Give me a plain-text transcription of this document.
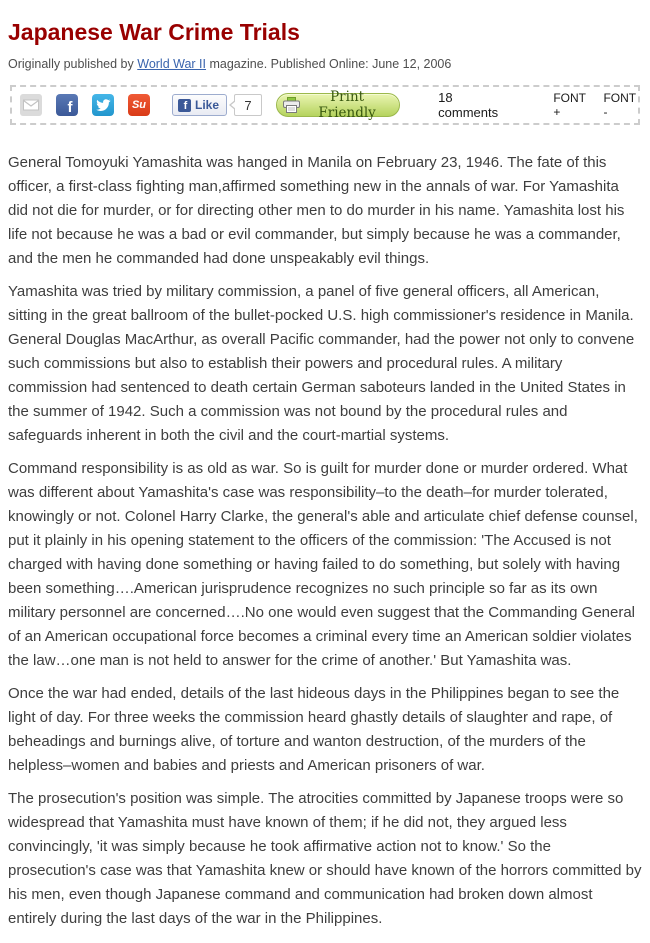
Japanese War Crime Trials

Originally published by World War II magazine. Published Online: June 12, 2006

f	Su	f Like	7	Print Friendly
18 comments
FONT +
FONT -

General Tomoyuki Yamashita was hanged in Manila on February 23, 1946. The fate of this officer, a first-class fighting man,affirmed something new in the annals of war. For Yamashita did not die for murder, or for directing other men to do murder in his name. Yamashita lost his life not because he was a bad or evil commander, but simply because he was a commander, and the men he commanded had done unspeakably evil things.

Yamashita was tried by military commission, a panel of five general officers, all American, sitting in the great ballroom of the bullet-pocked U.S. high commissioner's residence in Manila. General Douglas MacArthur, as overall Pacific commander, had the power not only to convene such commissions but also to establish their powers and procedural rules. A military commission had sentenced to death certain German saboteurs landed in the United States in the summer of 1942. Such a commission was not bound by the procedural rules and safeguards inherent in both the civil and the court-martial systems.

Command responsibility is as old as war. So is guilt for murder done or murder ordered. What was different about Yamashita's case was responsibility–to the death–for murder tolerated, knowingly or not. Colonel Harry Clarke, the general's able and articulate chief defense counsel, put it plainly in his opening statement to the officers of the commission: 'The Accused is not charged with having done something or having failed to do something, but solely with having been something….American jurisprudence recognizes no such principle so far as its own military personnel are concerned….No one would even suggest that the Commanding General of an American occupational force becomes a criminal every time an American soldier violates the law…one man is not held to answer for the crime of another.' But Yamashita was.

Once the war had ended, details of the last hideous days in the Philippines began to see the light of day. For three weeks the commission heard ghastly details of slaughter and rape, of beheadings and burnings alive, of torture and wanton destruction, of the murders of the helpless–women and babies and priests and American prisoners of war.

The prosecution's position was simple. The atrocities committed by Japanese troops were so widespread that Yamashita must have known of them; if he did not, they argued less convincingly, 'it was simply because he took affirmative action not to know.' So the prosecution's case was that Yamashita knew or should have known of the horrors committed by his men, even though Japanese command and communication had broken down almost entirely during the last days of the war in the Philippines.
